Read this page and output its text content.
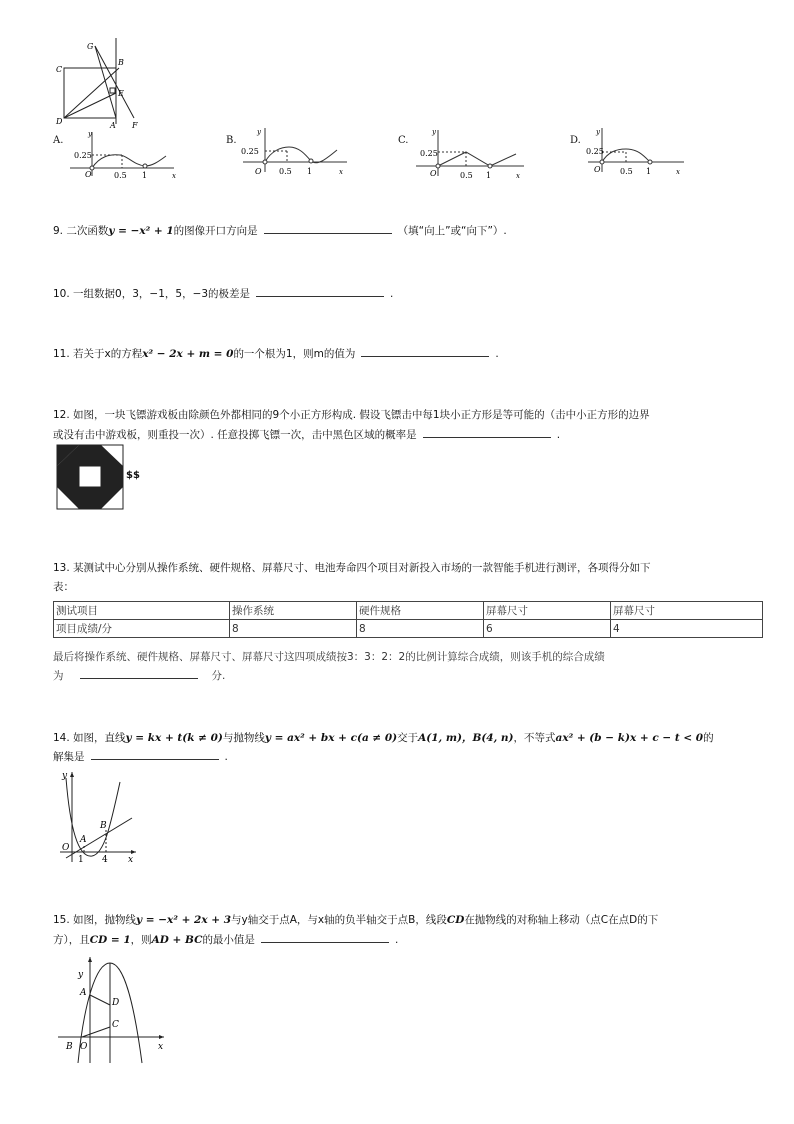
G
B
C
E
D	A F
A.
0.25
0.5 1
O	x
y
B.
0.25
0.5 1
O	x
y
C.
0.25
0.5 1
O	x
y
D.
0.25
0.5 1
O	x
y
9. 二次函数y = −x² + 1的图像开口方向是	（填“向上”或“向下”）.
10. 一组数据0，3，−1，5，−3的极差是	.
11. 若关于x的方程x² − 2x + m = 0的一个根为1，则m的值为	.
12. 如图，一块飞镖游戏板由除颜色外都相同的9个小正方形构成. 假设飞镖击中每1块小正方形是等可能的（击中小正方形的边界
或没有击中游戏板，则重投一次）. 任意投掷飞镖一次，击中黑色区域的概率是	.
$$
13. 某测试中心分别从操作系统、硬件规格、屏幕尺寸、电池寿命四个项目对新投入市场的一款智能手机进行测评，各项得分如下
表：
测试项目	操作系统	硬件规格	屏幕尺寸	屏幕尺寸
项目成绩/分	8	8	6	4
最后将操作系统、硬件规格、屏幕尺寸、屏幕尺寸这四项成绩按3：3：2：2的比例计算综合成绩，则该手机的综合成绩
为	分.
14. 如图，直线y = kx + t(k ≠ 0)与抛物线y = ax² + bx + c(a ≠ 0)交于A(1, m)，B(4, n)，不等式ax² + (b − k)x + c − t < 0的
解集是	.
y
x
O
A
B
1 4
15. 如图，抛物线y = −x² + 2x + 3与y轴交于点A，与x轴的负半轴交于点B，线段CD在抛物线的对称轴上移动（点C在点D的下
方），且CD = 1，则AD + BC的最小值是	.
y
x
A
D
C
B O
